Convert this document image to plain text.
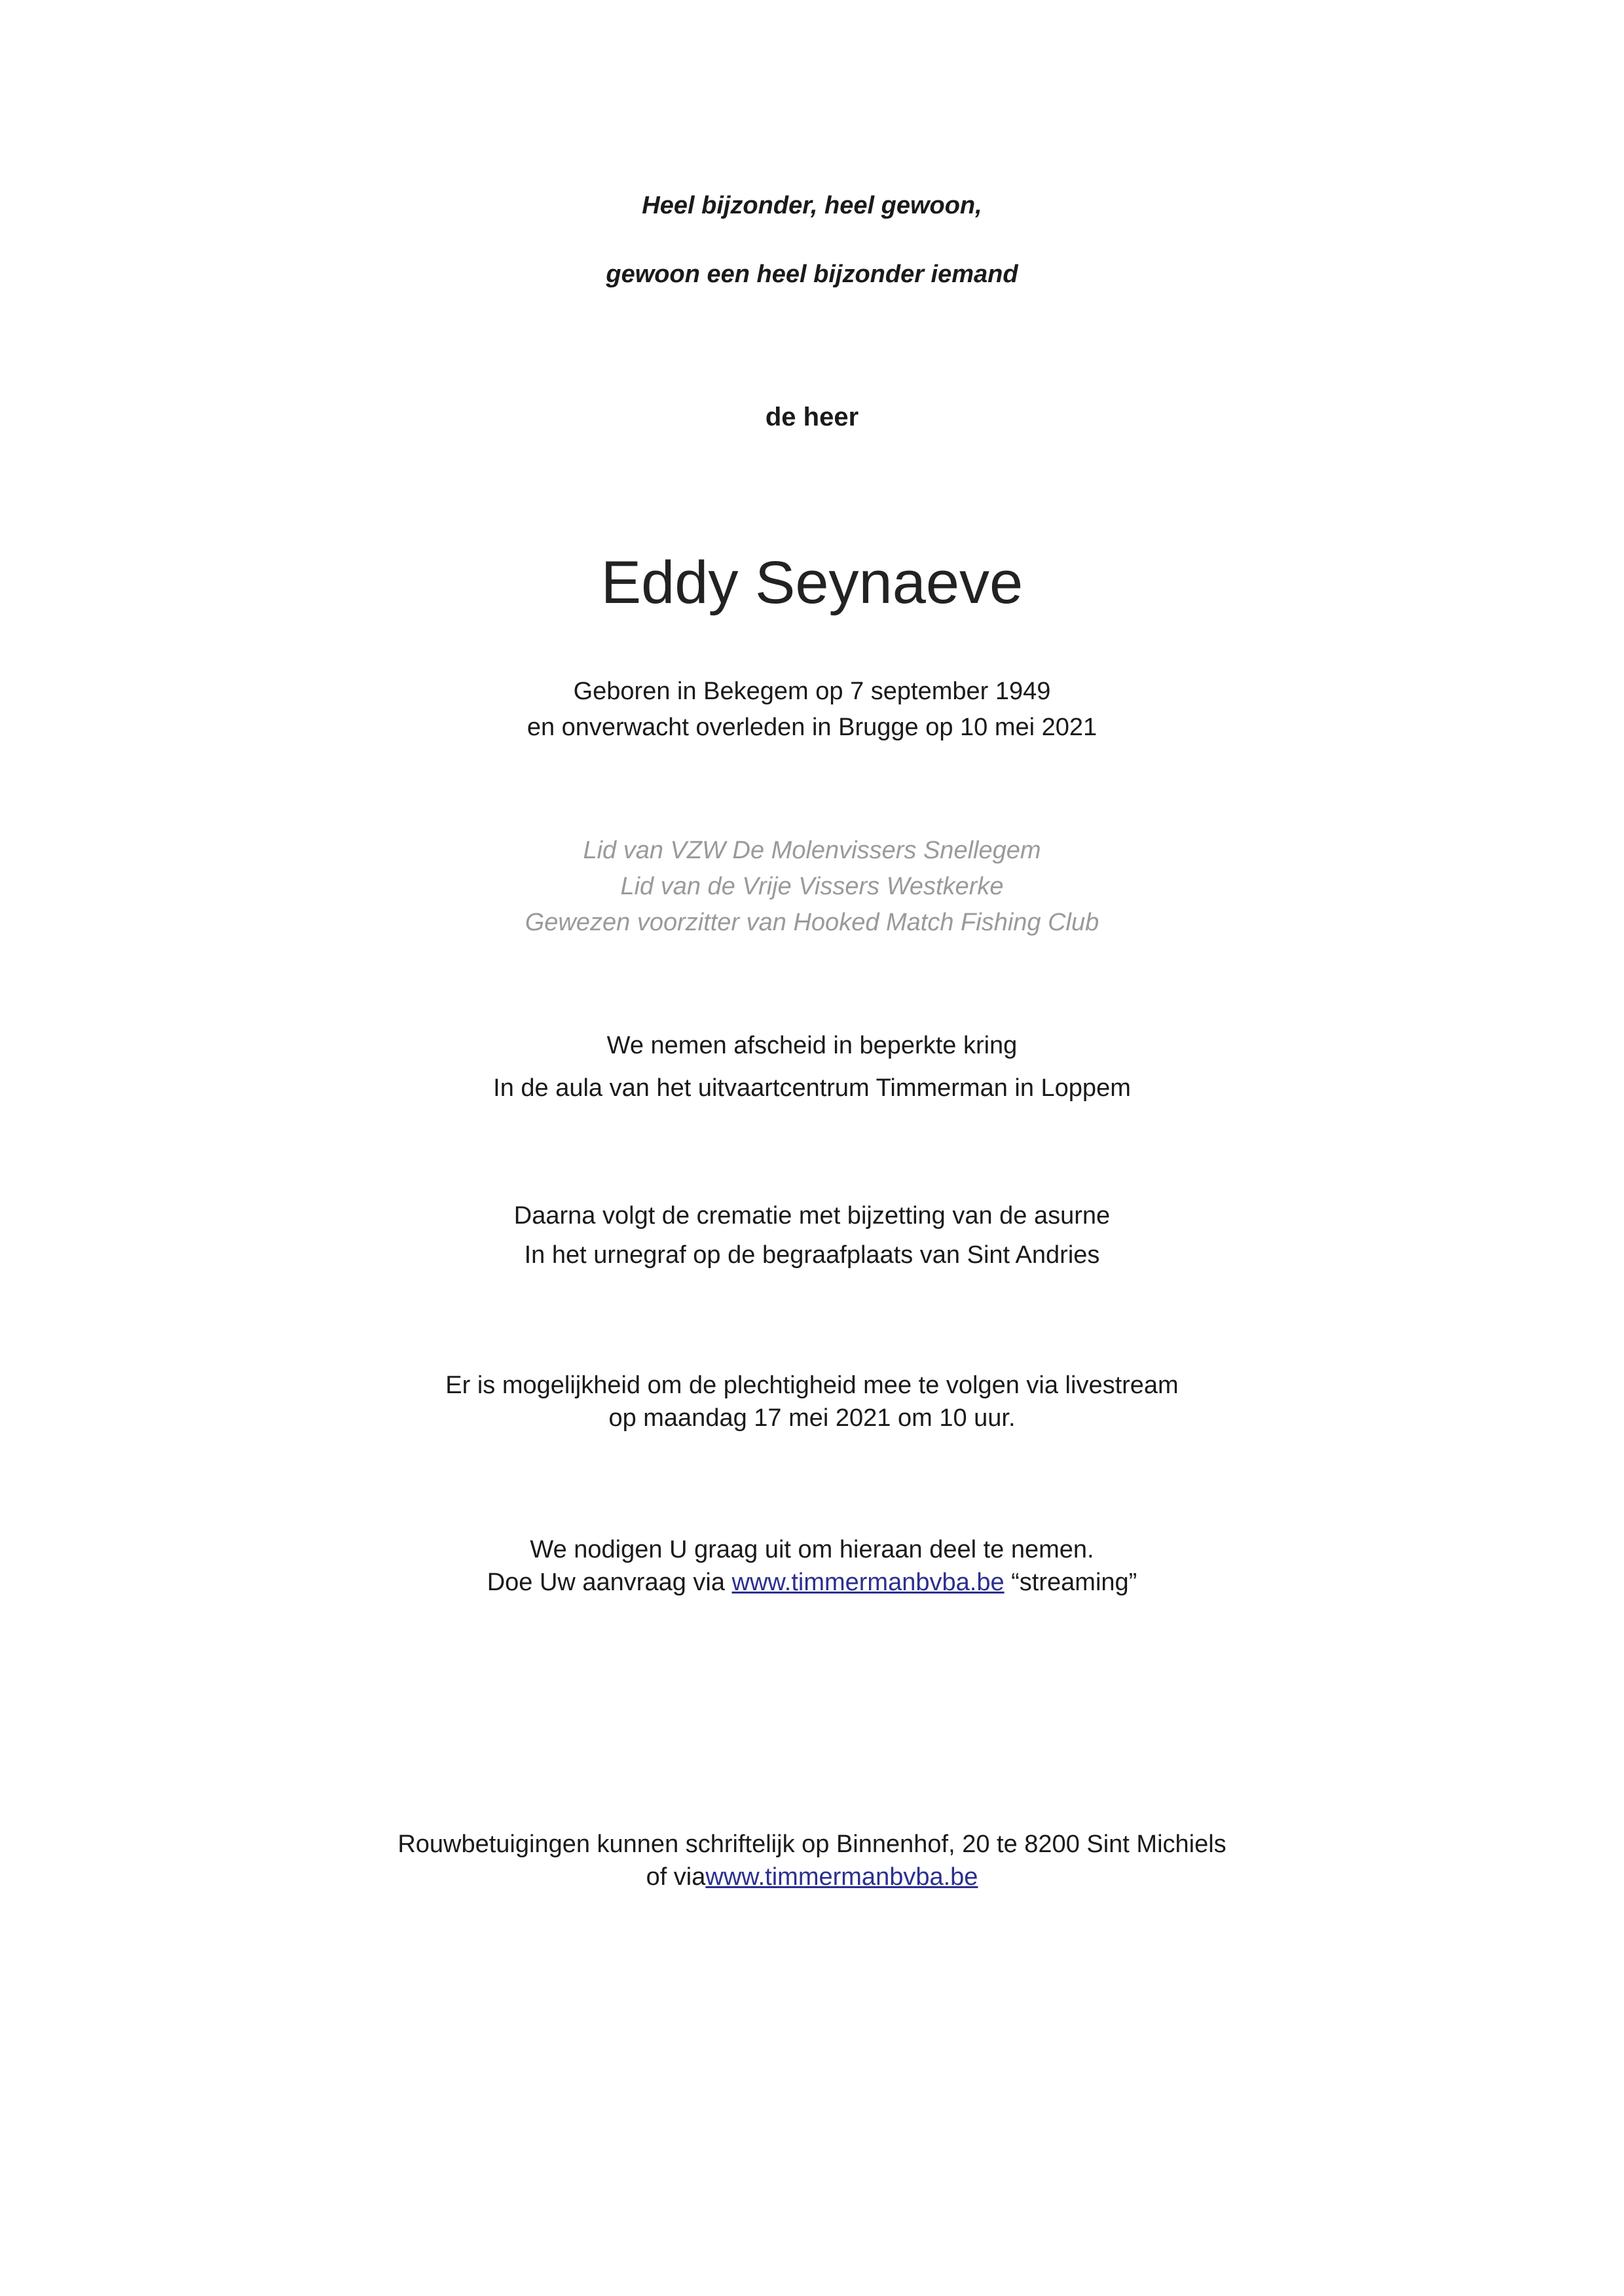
Heel bijzonder, heel gewoon,
gewoon een heel bijzonder iemand
de heer
Eddy Seynaeve
Geboren in Bekegem op 7 september 1949
en onverwacht overleden in Brugge op 10 mei 2021
Lid van VZW De Molenvissers Snellegem
Lid van de Vrije Vissers Westkerke
Gewezen voorzitter van Hooked Match Fishing Club
We nemen afscheid in beperkte kring
In de aula van het uitvaartcentrum Timmerman in Loppem
Daarna volgt de crematie met bijzetting van de asurne
In het urnegraf op de begraafplaats van Sint Andries
Er is mogelijkheid om de plechtigheid mee te volgen via livestream
op maandag 17 mei 2021 om 10 uur.
We nodigen U graag uit om hieraan deel te nemen.
Doe Uw aanvraag via www.timmermanbvba.be “streaming”
Rouwbetuigingen kunnen schriftelijk op Binnenhof, 20 te 8200 Sint Michiels
of viawww.timmermanbvba.be
